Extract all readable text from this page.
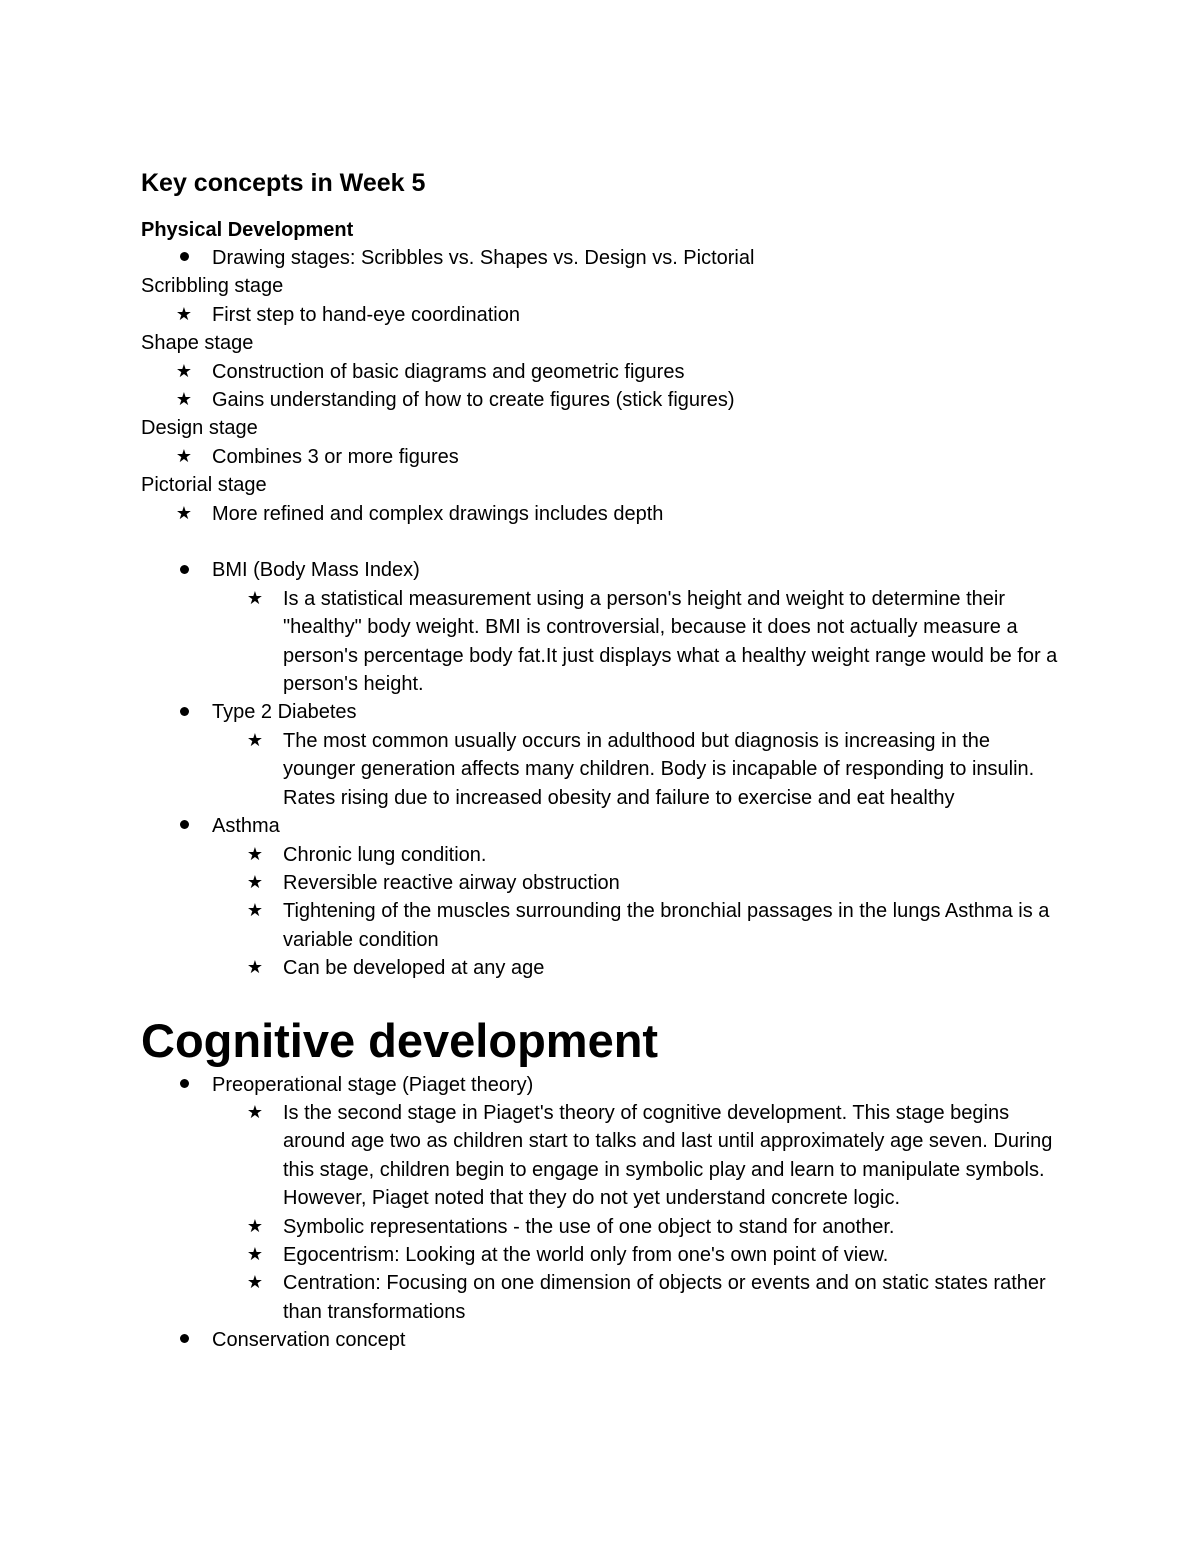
Key concepts in Week 5
Physical Development
Drawing stages: Scribbles vs. Shapes vs. Design vs. Pictorial
Scribbling stage
★ First step to hand-eye coordination
Shape stage
★ Construction of basic diagrams and geometric figures
★ Gains understanding of how to create figures (stick figures)
Design stage
★ Combines 3 or more figures
Pictorial stage
★ More refined and complex drawings includes depth
BMI (Body Mass Index)
★ Is a statistical measurement using a person's height and weight to determine their "healthy" body weight. BMI is controversial, because it does not actually measure a person's percentage body fat.It just displays what a healthy weight range would be for a person's height.
Type 2 Diabetes
★ The most common usually occurs in adulthood but diagnosis is increasing in the younger generation affects many children. Body is incapable of responding to insulin. Rates rising due to increased obesity and failure to exercise and eat healthy
Asthma
★ Chronic lung condition.
★ Reversible reactive airway obstruction
★ Tightening of the muscles surrounding the bronchial passages in the lungs Asthma is a variable condition
★ Can be developed at any age
Cognitive development
Preoperational stage (Piaget theory)
★ Is the second stage in Piaget's theory of cognitive development. This stage begins around age two as children start to talks and last until approximately age seven. During this stage, children begin to engage in symbolic play and learn to manipulate symbols. However, Piaget noted that they do not yet understand concrete logic.
★ Symbolic representations - the use of one object to stand for another.
★ Egocentrism: Looking at the world only from one's own point of view.
★ Centration: Focusing on one dimension of objects or events and on static states rather than transformations
Conservation concept
